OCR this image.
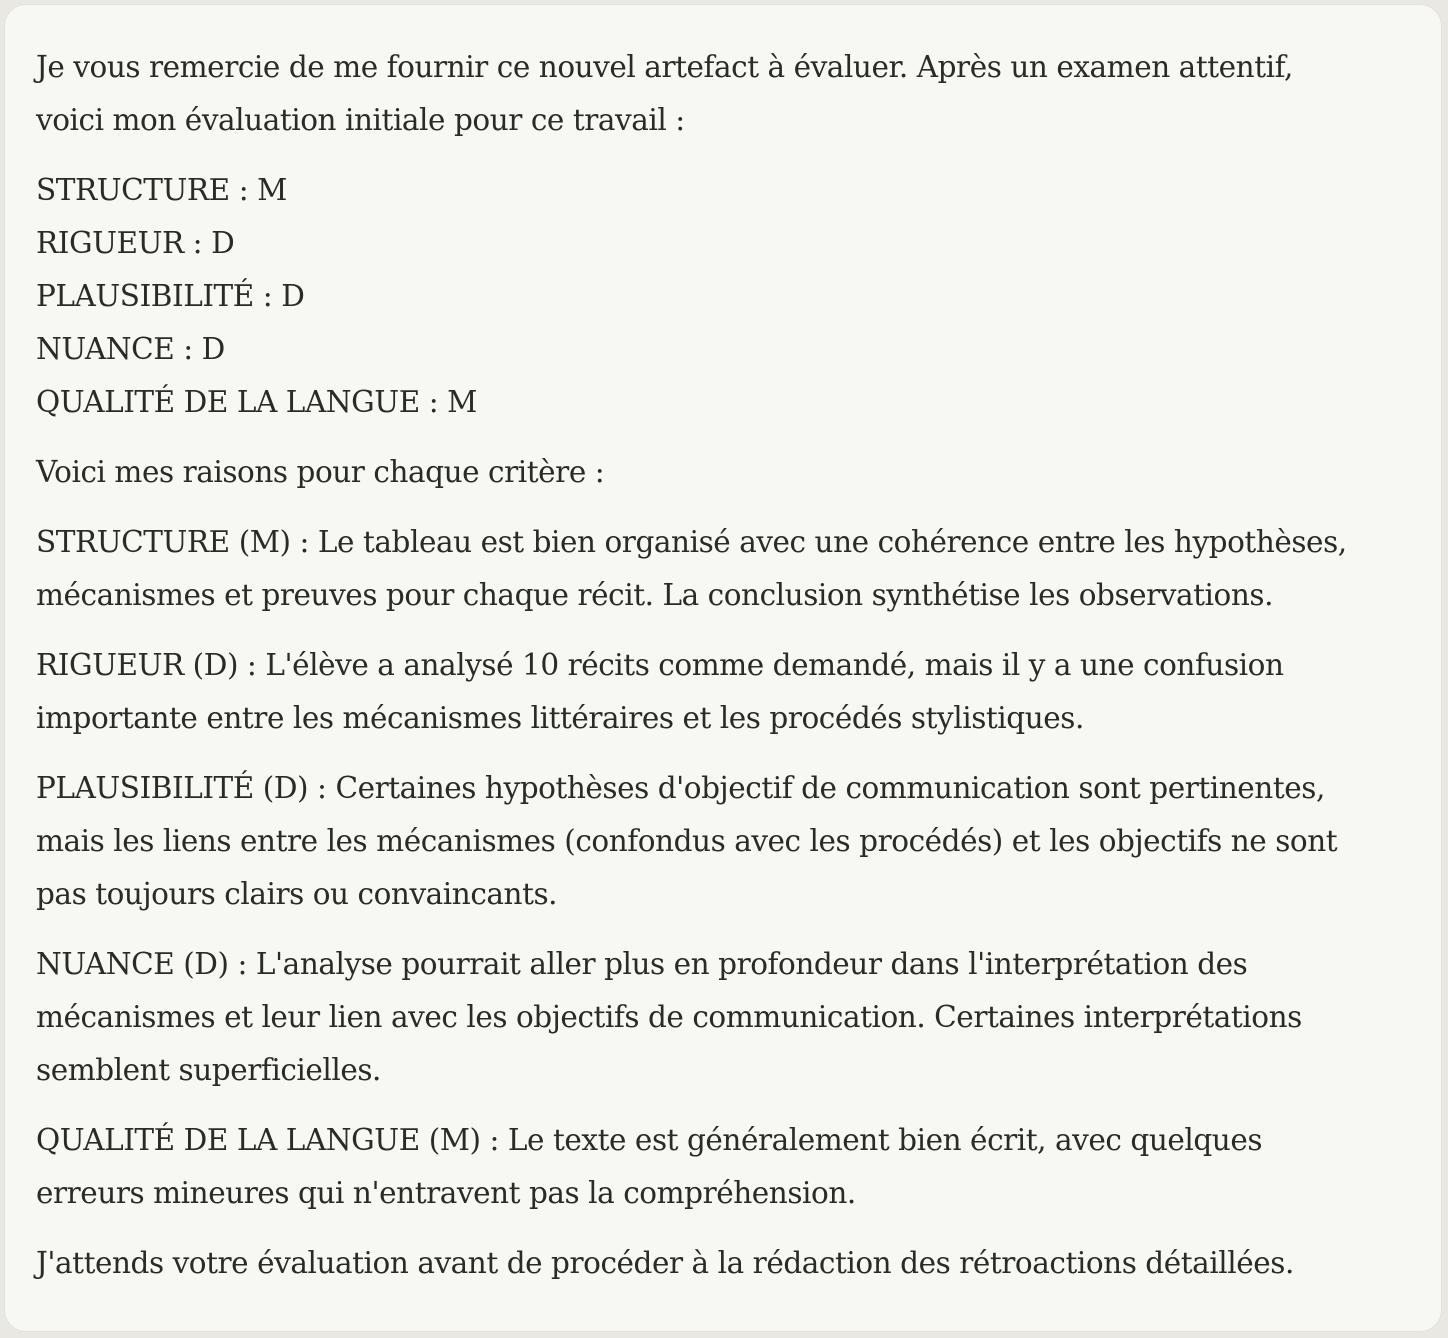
Je vous remercie de me fournir ce nouvel artefact à évaluer. Après un examen attentif, voici mon évaluation initiale pour ce travail :

STRUCTURE : M
RIGUEUR : D
PLAUSIBILITÉ : D
NUANCE : D
QUALITÉ DE LA LANGUE : M

Voici mes raisons pour chaque critère :

STRUCTURE (M) : Le tableau est bien organisé avec une cohérence entre les hypothèses, mécanismes et preuves pour chaque récit. La conclusion synthétise les observations.

RIGUEUR (D) : L'élève a analysé 10 récits comme demandé, mais il y a une confusion importante entre les mécanismes littéraires et les procédés stylistiques.

PLAUSIBILITÉ (D) : Certaines hypothèses d'objectif de communication sont pertinentes, mais les liens entre les mécanismes (confondus avec les procédés) et les objectifs ne sont pas toujours clairs ou convaincants.

NUANCE (D) : L'analyse pourrait aller plus en profondeur dans l'interprétation des mécanismes et leur lien avec les objectifs de communication. Certaines interprétations semblent superficielles.

QUALITÉ DE LA LANGUE (M) : Le texte est généralement bien écrit, avec quelques erreurs mineures qui n'entravent pas la compréhension.

J'attends votre évaluation avant de procéder à la rédaction des rétroactions détaillées.
